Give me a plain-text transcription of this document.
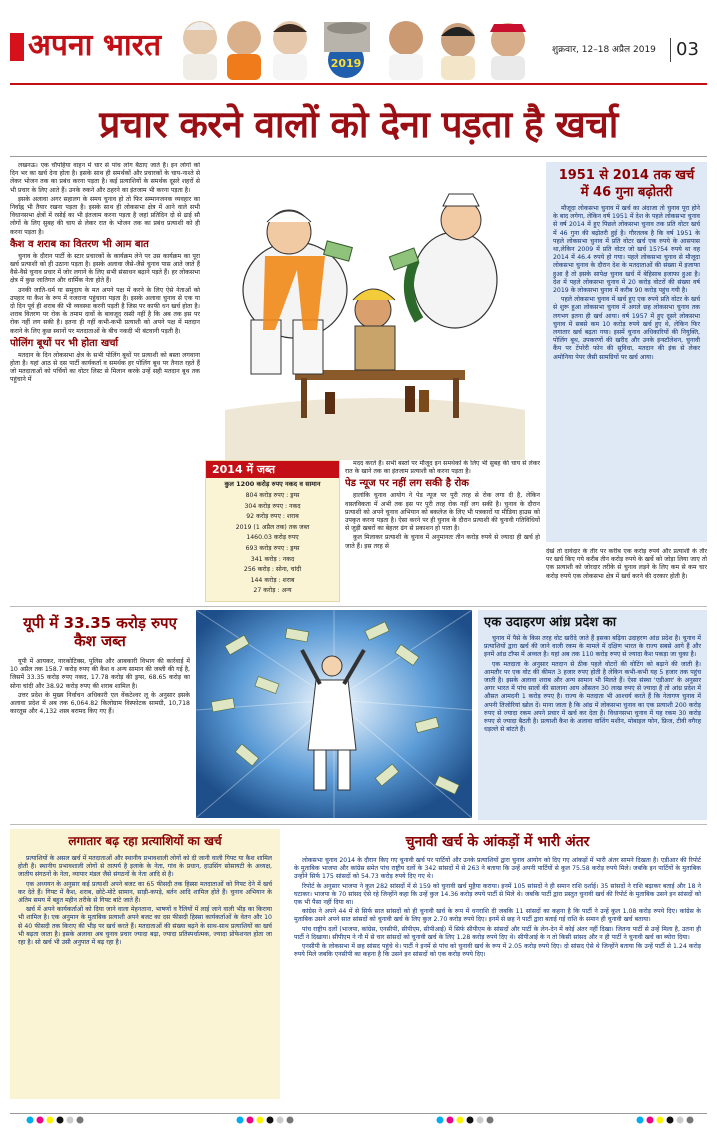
अपना भारत
2019
शुक्रवार, 12–18 अप्रैल 2019 03
प्रचार करने वालों को देना पड़ता है खर्चा

लखनऊ। एक चौपहिया वाहन में चार से पांच लोग बैठाए जाते हैं। इन लोगों को दिन भर का खर्च देना होता है। इसके साथ ही समर्थकों और प्रचारकों के चाय-नाश्ते से लेकर भोजन तक का प्रबंध करना पड़ता है। कई प्रत्याशियों के समर्थक दूसरे शहरों से भी प्रचार के लिए आते हैं। उनके रुकने और ठहरने का इंतजाम भी करना पड़ता है।

इसके अलावा अगर सहालग के समय चुनाव हो तो फिर सम्मानजनक व्यवहार का निर्वाह्न भी तैयार रखना पड़ता है। इसके साथ ही लोकसभा क्षेत्र में आने वाले सभी विधानसभा क्षेत्रों में रसोई का भी इंतजाम करना पड़ता है जहां प्रतिदिन दो से ढाई सौ लोगों के लिए सुबह की चाय से लेकर रात के भोजन तक का प्रबंध प्रत्याशी को ही करना पड़ता है।

कैश व शराब का वितरण भी आम बात

चुनाव के दौरान पार्टी के स्टार प्रचारकों के कार्यक्रम लेने पर उस कार्यक्रम का पूरा खर्च प्रत्याशी को ही उठाना पड़ता है। इसके अलावा जैसे-जैसे चुनाव पास आते जाते हैं वैसे-वैसे चुनाव प्रचार में जोर लगाने के लिए सभी संसाधन बढ़ाने पड़ते हैं। हर लोकसभा क्षेत्र में कुछ जातिगत और धार्मिक नेता होते हैं।

उनकी जाति-धर्म या समुदाय के मत अपने पक्ष में करने के लिए ऐसे नेताओं को उपहार या कैश के रूप में नजराना पहुंचाना पड़ता है। इसके अलावा चुनाव से एक या दो दिन पूर्व ही शराब की भी व्यवस्था करनी पड़ती है जिस पर काफी धन खर्च होता है। शराब वितरण पर रोक के तमाम दावों के बावजूद रस्सी नहीं है कि अब तक इस पर रोक नहीं लग सकी है। इतना ही नहीं कभी-कभी प्रत्याशी को अपने पक्ष में मतदान कराने के लिए कुछ स्थानों पर मतदाताओं के बीच नकदी भी बंटवानी पड़ती है।

पोलिंग बूथों पर भी होता खर्चा

मतदान के दिन लोकसभा क्षेत्र के सभी पोलिंग बूथों पर प्रत्याशी को बस्ता लगवाना होता है। यहां आठ से दस पार्टी कार्यकर्ता व समर्थक हर पोलिंग बूथ पर तैनात रहते हैं जो मतदाताओं को पर्चियों का वोटर लिस्ट से मिलान करके उन्हें सही मतदान बूथ तक पहुंचाने में

2014 में जब्त
कुल 1200 करोड़ रुपए नकद व सामान
804 करोड़ रुपए : ड्रग्स
304 करोड़ रुपए : नकद
92 करोड़ रुपए : शराब
2019 (1 अप्रैल तक) तक जब्त
1460.03 करोड़ रुपए
693 करोड़ रुपए : ड्रग्स
341 करोड़ : नकद
256 करोड़ : सोना, चांदी
144 करोड़ : शराब
27 करोड़ : अन्य

मदद करते हैं। सभी बस्तों पर मौजूद इन समर्थकों के लिए भी सुबह की चाय से लेकर रात के खाने तक का इंतजाम प्रत्याशी को करना पड़ता है।

पेड न्यूज पर नहीं लग सकी है रोक

हालांकि चुनाव आयोग ने पेड न्यूज पर पूरी तरह से रोक लगा दी है, लेकिन वास्तविकता में अभी तक इस पर पूरी तरह रोक नहीं लग सकी है। चुनाव के दौरान प्रत्याशी को अपने चुनाव अभियान को बकलेज के लिए भी पत्रकारों या मीडिया हाउस को उपकृत करना पड़ता है। ऐसा करने पर ही चुनाव के दौरान प्रत्याशी की चुनावी गतिविधियों से जुड़ी खबरों का बेहतर ढंग से प्रकाशन हो पाता है।

कुल मिलाकर प्रत्याशी के चुनाव में अनुमानतः तीन करोड़ रुपये से ज्यादा ही खर्च हो जाते हैं। इस तरह से

1951 से 2014 तक खर्च में 46 गुना बढ़ोतरी

मौजूदा लोकसभा चुनाव में खर्च का अंदाजा तो चुनाव पूरा होने के बाद लगेगा, लेकिन वर्ष 1951 में देश के पहले लोकसभा चुनाव से वर्ष 2014 में हुए पिछले लोकसभा चुनाव तक प्रति वोटर खर्च में 46 गुना की बढ़ोतरी हुई है। गौरतलब है कि वर्ष 1951 के पहले लोकसभा चुनाव में प्रति वोटर खर्च एक रुपये के आसपास था,लेकिन 2009 में प्रति वोटर जो खर्च 15?54 रुपये था वह 2014 में 46.4 रुपये हो गया। पहले लोकसभा चुनाव से मौजूदा लोकसभा चुनाव के दौरान देश के मतदाताओं की संख्या में इजाफा हुआ है तो इसके सापेक्ष चुनाव खर्च में बेहिसाब इजाफा हुआ है। देश में पहले लोकसभा चुनाव में 20 करोड़ वोटरों की संख्या वर्ष 2019 के लोकसभा चुनाव में करीब 90 करोड़ पहुंच गयी है।

पहले लोकसभा चुनाव में खर्च हुए एक रुपये प्रति वोटर के खर्च से शुरू हुआ लोकसभा चुनाव में अगले छह लोकसभा चुनाव तक लगभग इतना ही खर्च आया। वर्ष 1957 में हुए दूसरे लोकसभा चुनाव में सबसे कम 10 करोड़ रुपये खर्च हुए थे, लेकिन फिर लगातार खर्च बढ़ता गया। इसमें चुनाव अधिकारियों की नियुक्ति, पोलिंग बूथ, उपकरणों की खरीद और उनके इन्स्टॉलेशन, चुनावी कैंप पर टेंपरेरी फोन की सुविधा, मतदान की इंक से लेकर अमोनिया पेपर जैसी सामग्रियों पर खर्च आया।

देखें तो दावेदार के तीर पर करीब एक करोड़ रुपये और प्रत्याशी के तौर पर खर्च किए गये करीब तीन करोड़ रुपये के खर्चे को जोड़ा लिया जाए तो एक प्रत्याशी को जोरदार तरीके से चुनाव लड़ने के लिए कम से कम चार करोड़ रुपये एक लोकसभा क्षेत्र में खर्च करने की दरकार होती है।
यूपी में 33.35 करोड़ रुपए कैश जब्त

यूपी में आयकर, नारकोटिक्स, पुलिस और आबकारी विभाग की कार्रवाई में 10 अप्रैल तक 158.7 करोड़ रुपए की कैश व अन्य सामान की जब्ती की गई है, जिसमें 33.35 करोड़ रुपए नकद, 17.78 करोड़ की ड्रग्स, 68.65 करोड़ का सोना चांदी और 38.92 करोड़ रुपए की शराब शामिल है।

उत्तर प्रदेश के मुख्य निर्वाचन अधिकारी एल वेंकटेश्वर लू के अनुसार इसके अलावा प्रदेश में अब तक 6,064.82 किलोग्राम विस्फोटक सामग्री, 10,718 कारतूस और 4,132 शस्त्र बरामद किए गए हैं।

एक उदाहरण आंध्र प्रदेश का

चुनाव में पैसे के किस तरह वोट खरीदे जाते हैं इसका बढ़िया उदाहरण आंध्र प्रदेश है। चुनाव में प्रत्याशियों द्वारा खर्च की जाने वाली रकम के मामले में दक्षिण भारत के राज्य सबसे आगे हैं और इनमें आंध्र टॉप्स में अव्वल है। यहां अब तक 110 करोड़ रुपए से ज्यादा कैश पकड़ा जा चुका है।

एक मतदाता के अनुसार मतदान से ठीक पहले वोटरों की वोटिंग को बढ़ाने की जाती है। आमतौर पर एक वोट की कीमत 3 हजार रुपए होती है लेकिन कभी-कभी यह 5 हजार तक पहुंच जाती है। इसके अलावा शराब और अन्य सामान भी मिलते हैं। ऐसा संस्था 'एडीआर' के अनुसार अगर भारत में पांच सालों की सालाना आय औसतन 30 लाख रुपए से ज्यादा है तो आंध्र प्रदेश में औसत आमदनी 1 करोड़ रुपए है। राज्य के मतदाता भी आश्चर्य करते हैं कि नेतागण चुनाव में अपनी तिजोरियां खोल दें। माना जाता है कि आंध्र में लोकसभा चुनाव का एक प्रत्याशी 200 करोड़ रुपए से ज्यादा रकम अपने प्रचार में खर्च कर देता है। विधानसभा चुनाव में यह रकम 30 करोड़ रुपए से ज्यादा बैठती है। प्रत्याशी कैश के अलावा वाशिंग मशीन, मोबाइल फोन, फ्रिज, टीवी वगैरह धड़ल्ले से बांटते हैं।

लगातार बढ़ रहा प्रत्याशियों का खर्च

प्रत्याशियों के असल खर्च में मतदाताओं और स्थानीय प्रभावशाली लोगों को दी जानी वाली गिफ्ट या कैश शामिल होती है। स्थानीय प्रभावशाली लोगों से तात्पर्य है इलाके के नेता, गांव के प्रधान, हाउसिंग सोसायटी के अध्यक्ष, जातीय संगठनों के नेता, व्यापार मंडल जैसे संगठनों के नेता आदि से है।

एक अध्ययन के अनुसार कई प्रत्याशी अपने बजट का 65 फीसदी तक हिस्सा मतदाताओं को गिफ्ट देने में खर्च कर देते हैं। गिफ्ट में कैश, शराब, छोटे-मोटे सामान, साड़ी-कपड़े, बर्तन आदि शामिल होते हैं। चुनाव अभियान के अंतिम समय में बहुत महीन तरीके से गिफ्ट बांटे जाते हैं।

खर्च में अपने कार्यकर्ताओं को दिया जाने वाला मेहनताना, भाषणों व रैलियों में लाई जाने वाली भीड़ का किराया भी शामिल है। एक अनुमान के मुताबिक प्रत्याशी अपने बजट का दस फीसदी हिस्सा कार्यकर्ताओं के वेतन और 10 से 40 फीसदी तक किराए की भीड़ पर खर्च करते हैं। मतदाताओं की संख्या बढ़ने के साथ-साथ प्रत्याशियों का खर्च भी बढ़ता जाता है। इसके अलावा अब चुनाव प्रचार ज्यादा बढ़ा, ज्यादा प्रतिस्पर्धात्मक, ज्यादा प्रोफेशनल होता जा रहा है। सो खर्च भी उसी अनुपात में बढ़ रहा है।

चुनावी खर्च के आंकड़ों में भारी अंतर

लोकसभा चुनाव 2014 के दौरान किए गए चुनावी खर्च पर पार्टियों और उनके प्रत्याशियों द्वारा चुनाव आयोग को दिए गए आंकड़ों में भारी अंतर सामने दिखता है। एडीआर की रिपोर्ट के मुताबिक भाजपा और कांग्रेस समेत पांच राष्ट्रीय दलों के 342 सांसदों में से 263 ने बताया कि उन्हें अपनी पार्टियों से कुल 75.58 करोड़ रुपये मिले। जबकि इन पार्टियों के मुताबिक उन्होंने सिर्फ 175 सांसदों को 54.73 करोड़ रुपये दिए गए थे।

रिपोर्ट के अनुसार भाजपा ने कुल 282 सांसदों में से 159 को चुनावी खर्च मुहैया कराया। इनमें 105 सांसदों ने ही समान राशि दर्शाई। 35 सांसदों ने राशि बढ़ाकर बताई और 18 ने घटाकर। भाजपा के 70 सांसद ऐसे रहे जिन्होंने कहा कि उन्हें कुल 14.36 करोड़ रुपये पार्टी से मिले थे। जबकि पार्टी द्वारा प्रस्तुत चुनावी खर्च की रिपोर्ट के मुताबिक उसने इन सांसदों को एक भी पैसा नहीं दिया था।

कांग्रेस ने अपने 44 में से सिर्फ सात सांसदों को ही चुनावी खर्च के रूप में धनराशि दी जबकि 11 सांसदों का कहना है कि पार्टी ने उन्हें कुल 1.08 करोड़ रुपये दिए। कांग्रेस के मुताबिक उसने अपने सात सांसदों को चुनावी खर्च के लिए कुल 2.70 करोड़ रुपये दिए। इनमें से छह ने पार्टी द्वारा बताई गई राशि के समान ही चुनावी खर्च बताया।

पांच राष्ट्रीय दलों (भाजपा, कांग्रेस, एनसीपी, सीपीएम, सीपीआई) में सिर्फ सीपीएम के सांसदों और पार्टी के लेन-देन में कोई अंतर नहीं दिखा। जितना पार्टी से उन्हें मिला है, उतना ही पार्टी ने दिखाया। सीपीएम ने नौ में से चार सांसदों को चुनावी खर्च के लिए 1.28 करोड़ रुपये दिए थे। सीपीआई के न तो किसी सांसद और न ही पार्टी ने चुनावी खर्च का ब्योरा दिया।

एनसीपी के लोकसभा में छह सांसद पहुंचे थे। पार्टी ने इनमें से पांच को चुनावी खर्च के रूप में 2.05 करोड़ रुपये दिए। दो सांसद ऐसे थे जिन्होंने बताया कि उन्हें पार्टी से 1.24 करोड़ रुपये मिले जबकि एनसीपी का कहना है कि उसने इन सांसदों को एक करोड़ रुपये दिए।
